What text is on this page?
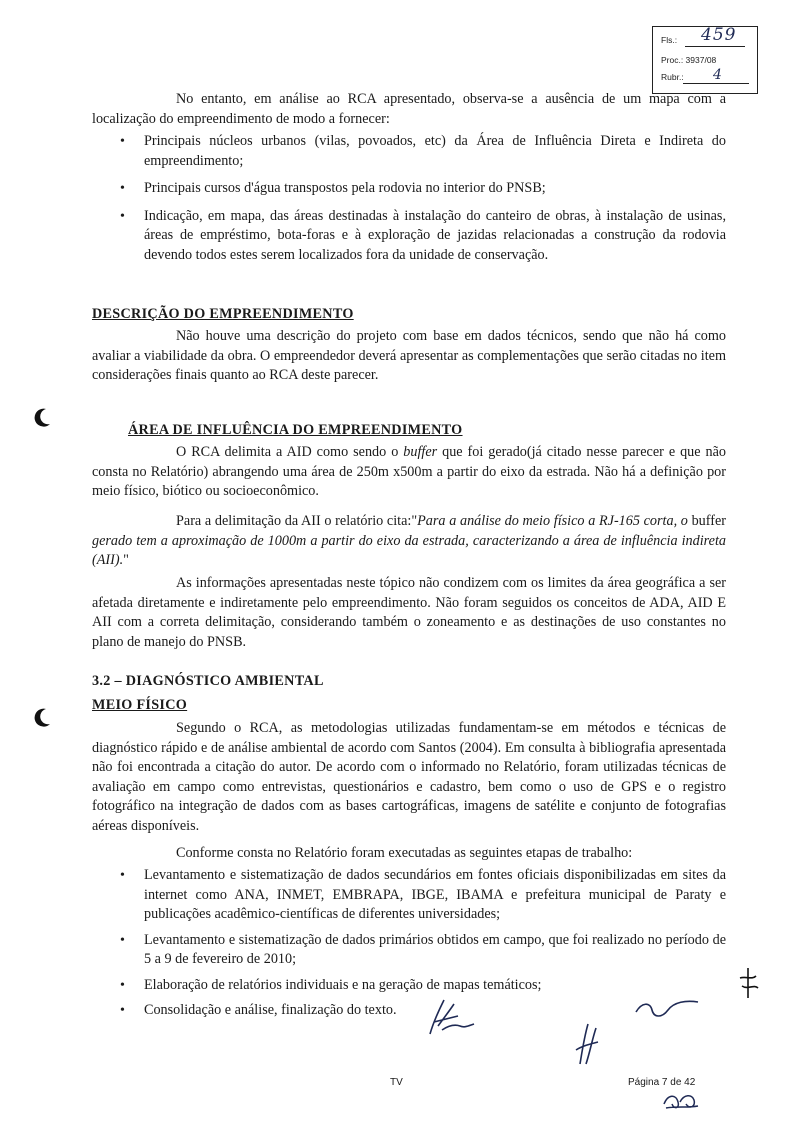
Fls.: 459
Proc.: 3937/08
Rubr.: 4
No entanto, em análise ao RCA apresentado, observa-se a ausência de um mapa com a localização do empreendimento de modo a fornecer:
• Principais núcleos urbanos (vilas, povoados, etc) da Área de Influência Direta e Indireta do empreendimento;
• Principais cursos d'água transpostos pela rodovia no interior do PNSB;
• Indicação, em mapa, das áreas destinadas à instalação do canteiro de obras, à instalação de usinas, áreas de empréstimo, bota-foras e à exploração de jazidas relacionadas a construção da rodovia devendo todos estes serem localizados fora da unidade de conservação.
DESCRIÇÃO DO EMPREENDIMENTO
Não houve uma descrição do projeto com base em dados técnicos, sendo que não há como avaliar a viabilidade da obra. O empreendedor deverá apresentar as complementações que serão citadas no item considerações finais quanto ao RCA deste parecer.
ÁREA DE INFLUÊNCIA DO EMPREENDIMENTO
O RCA delimita a AID como sendo o buffer que foi gerado(já citado nesse parecer e que não consta no Relatório) abrangendo uma área de 250m x500m a partir do eixo da estrada. Não há a definição por meio físico, biótico ou socioeconômico.
Para a delimitação da AII o relatório cita:"Para a análise do meio físico a RJ-165 corta, o buffer gerado tem a aproximação de 1000m a partir do eixo da estrada, caracterizando a área de influência indireta (AII)."
As informações apresentadas neste tópico não condizem com os limites da área geográfica a ser afetada diretamente e indiretamente pelo empreendimento. Não foram seguidos os conceitos de ADA, AID E AII com a correta delimitação, considerando também o zoneamento e as destinações de uso constantes no plano de manejo do PNSB.
3.2 – DIAGNÓSTICO AMBIENTAL
MEIO FÍSICO
Segundo o RCA, as metodologias utilizadas fundamentam-se em métodos e técnicas de diagnóstico rápido e de análise ambiental de acordo com Santos (2004). Em consulta à bibliografia apresentada não foi encontrada a citação do autor. De acordo com o informado no Relatório, foram utilizadas técnicas de avaliação em campo como entrevistas, questionários e cadastro, bem como o uso de GPS e o registro fotográfico na integração de dados com as bases cartográficas, imagens de satélite e conjunto de fotografias aéreas disponíveis.
Conforme consta no Relatório foram executadas as seguintes etapas de trabalho:
• Levantamento e sistematização de dados secundários em fontes oficiais disponibilizadas em sites da internet como ANA, INMET, EMBRAPA, IBGE, IBAMA e prefeitura municipal de Paraty e publicações acadêmico-científicas de diferentes universidades;
• Levantamento e sistematização de dados primários obtidos em campo, que foi realizado no período de 5 a 9 de fevereiro de 2010;
• Elaboração de relatórios individuais e na geração de mapas temáticos;
• Consolidação e análise, finalização do texto.
TV	Página 7 de 42
